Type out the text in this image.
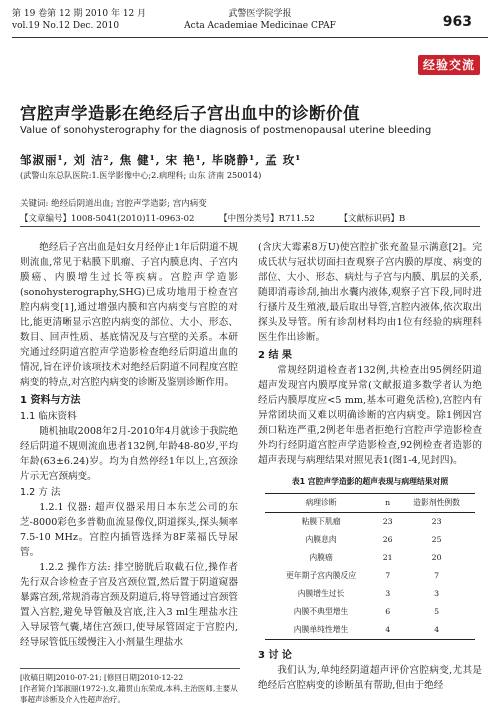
第 19 卷第 12 期 2010 年 12 月
vol.19 No.12 Dec. 2010
武警医学院学报
Acta Academiae Medicinae CPAF	963
经验交流
宫腔声学造影在绝经后子宫出血中的诊断价值
Value of sonohysterography for the diagnosis of postmenopausal uterine bleeding
邹淑丽¹, 刘 洁², 焦 健¹, 宋 艳¹, 毕晓静¹, 孟 玫¹
(武警山东总队医院:1.医学影像中心;2.病理科; 山东 济南 250014)
关键词: 绝经后阴道出血; 宫腔声学造影; 宫内病变
【文章编号】1008-5041(2010)11-0963-02	【中图分类号】R711.52	【文献标识码】B

绝经后子宫出血是妇女月经停止1年后阴道不规则流血,常见于粘膜下肌瘤、子宫内膜息肉、子宫内膜癌、内膜增生过长等疾病。宫腔声学造影(sonohysterography,SHG)已成功地用于检查宫腔内病变[1],通过增强内膜和宫内病变与宫腔的对比,能更清晰显示宫腔内病变的部位、大小、形态、数目、回声性质、基底情况及与宫壁的关系。本研究通过经阴道宫腔声学造影检查绝经后阴道出血的情况,旨在评价该项技术对绝经后阴道不同程度宫腔病变的特点,对宫腔内病变的诊断及鉴别诊断作用。

1 资料与方法
1.1 临床资料

随机抽取2008年2月-2010年4月就诊于我院绝经后阴道不规则流血患者132例,年龄48-80岁,平均年龄(63±6.24)岁。均为自然停经1年以上,宫颈涂片示无宫颈病变。

1.2 方 法

1.2.1 仪器: 超声仪器采用日本东芝公司的东芝-8000彩色多普勒血流显像仪,阴道探头,探头频率7.5-10 MHz。宫腔内插管选择为8F菜福氏导尿管。

1.2.2 操作方法: 排空膀胱后取截石位,操作者先行双合诊检查子宫及宫颈位置,然后置于阴道窥器暴露宫颈,常规消毒宫颈及阴道后,将导管通过宫颈管置入宫腔,避免导管触及宫底,注入3 ml生理盐水注入导尿管气囊,堵住宫颈口,使导尿管固定于宫腔内,经导尿管低压缓慢注入小剂量生理盐水

(含庆大霉素8万U)使宫腔扩张充盈显示满意[2]。完成氏状与冠状切面扫查观察子宫内膜的厚度、病变的部位、大小、形态、病灶与子宫与内膜、肌层的关系,随即消毒诊刮,抽出水囊内液体,观察子宫下段,同时进行搔片及生殖液,最后取出导管,宫腔内液体,依次取出探头及导管。所有诊刮材料均由1位有经验的病理科医生作出诊断。

2 结 果

常规经阴道检查者132例,共检查出95例经阴道超声发现宫内膜厚度异常(文献报道多数学者认为绝经后内膜厚度应<5 mm,基本可避免活检),宫腔内有异常团块而又难以明确诊断的宫内病变。除1例因宫颈口粘连严重,2例老年患者拒绝行宫腔声学造影检查外均行经阴道宫腔声学造影检查,92例检查者造影的超声表现与病理结果对照见表1(图1-4,见封四)。

表1 宫腔声学造影的超声表现与病理结果对照
病理诊断	n	造影剂性例数
粘膜下肌瘤	23	23
内膜息肉	26	25
内膜癌	21	20
更年期子宫内膜反应	7	7
内膜增生过长	3	3
内膜不典型增生	6	5
内膜单纯性增生	4	4
3 讨 论

我们认为,单纯经阴道超声评价宫腔病变,尤其是绝经后宫腔病变的诊断虽有帮助,但由于绝经

[收稿日期]2010-07-21; [修回日期]2010-12-22
[作者简介]邹淑丽(1972-),女,籍贯山东荣成,本科,主治医师,主要从事超声诊断及介入性超声治疗。
